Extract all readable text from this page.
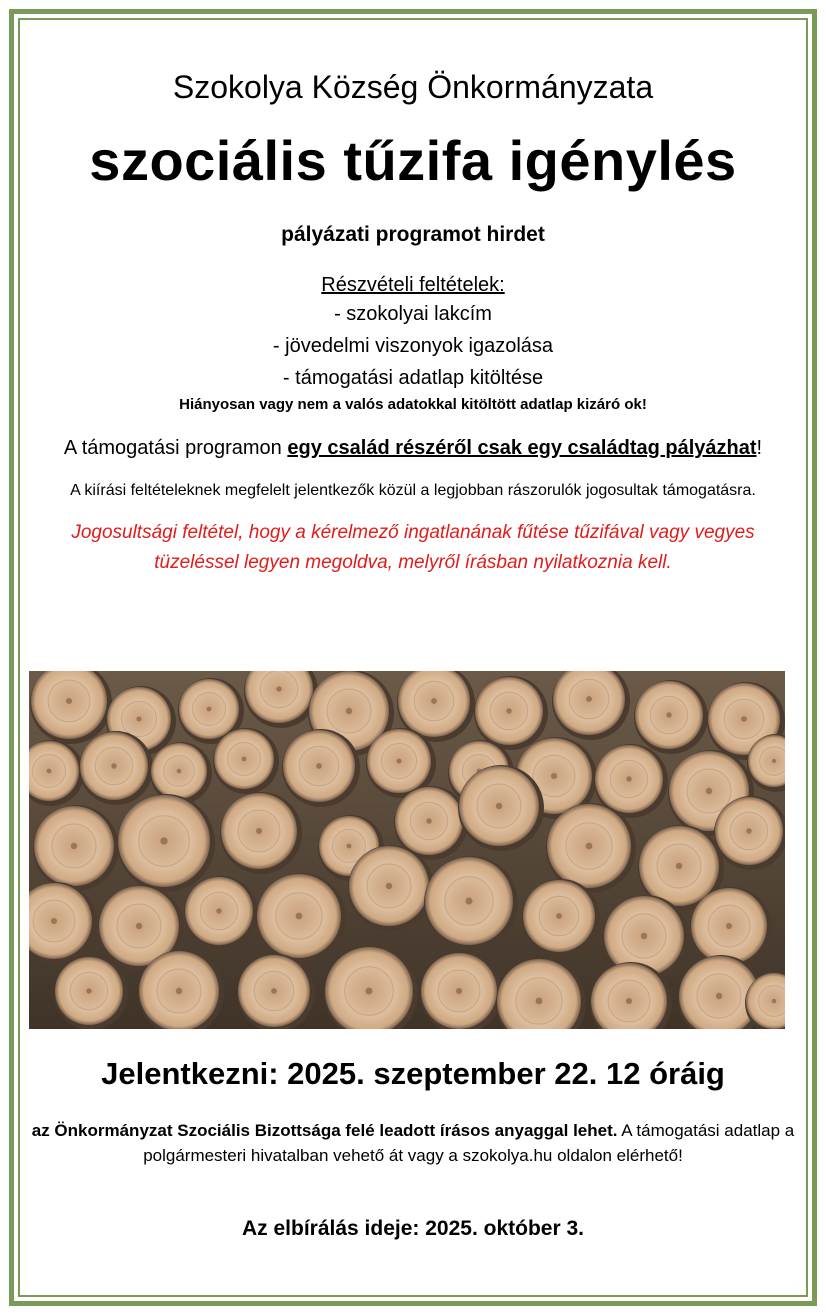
Szokolya Község Önkormányzata
szociális tűzifa igénylés
pályázati programot hirdet
Részvételi feltételek:
- szokolyai lakcím
- jövedelmi viszonyok igazolása
- támogatási adatlap kitöltése
Hiányosan vagy nem a valós adatokkal kitöltött adatlap kizáró ok!
A támogatási programon egy család részéről csak egy családtag pályázhat!
A kiírási feltételeknek megfelelt jelentkezők közül a legjobban rászorulók jogosultak támogatásra.
Jogosultsági feltétel, hogy a kérelmező ingatlanának fűtése tűzifával vagy vegyes tüzeléssel legyen megoldva, melyről írásban nyilatkoznia kell.
Jelentkezni: 2025. szeptember 22. 12 óráig
az Önkormányzat Szociális Bizottsága felé leadott írásos anyaggal lehet. A támogatási adatlap a polgármesteri hivatalban vehető át vagy a szokolya.hu oldalon elérhető!
Az elbírálás ideje: 2025. október 3.
